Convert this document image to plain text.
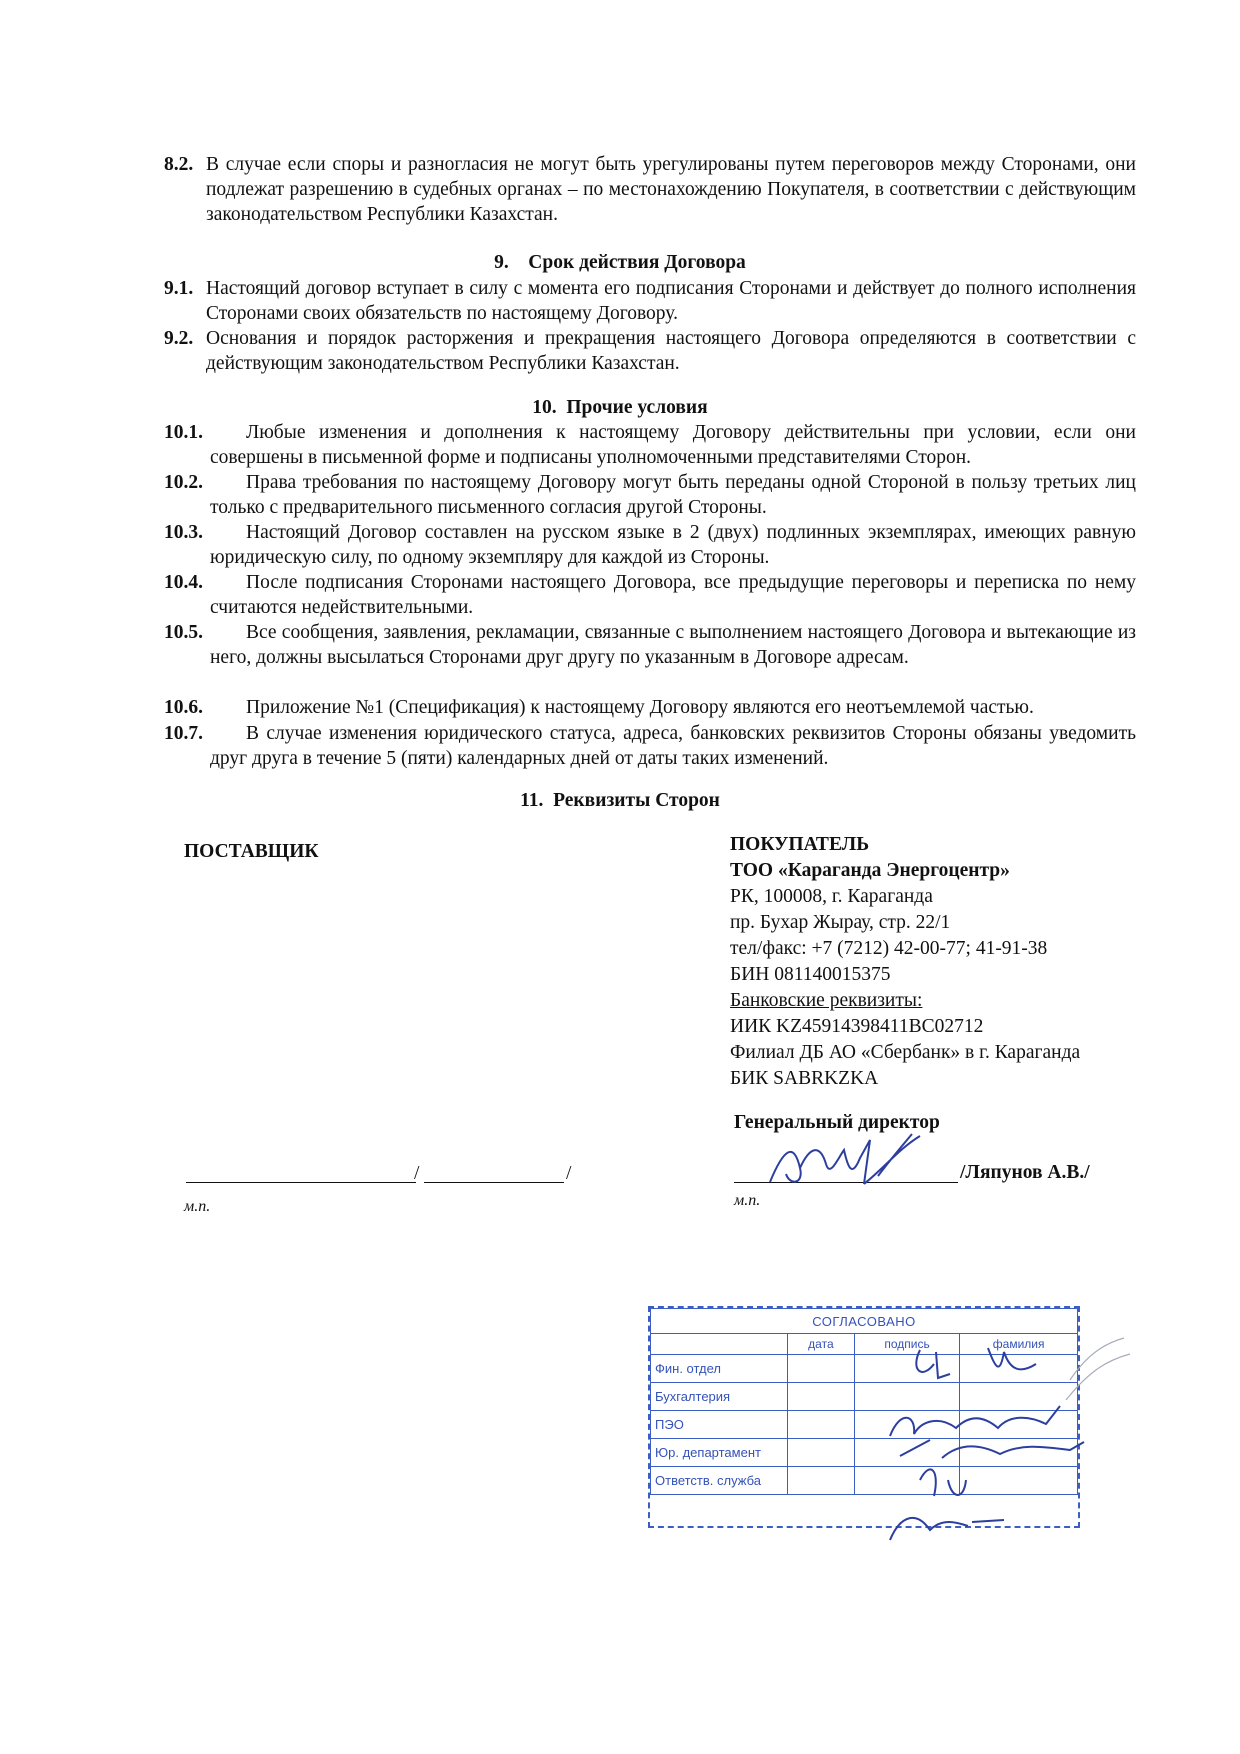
8.2. В случае если споры и разногласия не могут быть урегулированы путем переговоров между Сторонами, они подлежат разрешению в судебных органах – по местонахождению Покупателя, в соответствии с действующим законодательством Республики Казахстан.
9.    Срок действия Договора
9.1. Настоящий договор вступает в силу с момента его подписания Сторонами и действует до полного исполнения Сторонами своих обязательств по настоящему Договору.
9.2. Основания и порядок расторжения и прекращения настоящего Договора определяются в соответствии с действующим законодательством Республики Казахстан.
10.  Прочие условия
10.1.	Любые изменения и дополнения к настоящему Договору действительны при условии, если они совершены в письменной форме и подписаны уполномоченными представителями Сторон.
10.2.	Права требования по настоящему Договору могут быть переданы одной Стороной в пользу третьих лиц только с предварительного письменного согласия другой Стороны.
10.3.	Настоящий Договор составлен на русском языке в 2 (двух) подлинных экземплярах, имеющих равную юридическую силу, по одному экземпляру для каждой из Стороны.
10.4.	После подписания Сторонами настоящего Договора, все предыдущие переговоры и переписка по нему считаются недействительными.
10.5.	Все сообщения, заявления, рекламации, связанные с выполнением настоящего Договора и вытекающие из него, должны высылаться Сторонами друг другу по указанным в Договоре адресам.
10.6.	Приложение №1 (Спецификация) к настоящему Договору являются его неотъемлемой частью.
10.7.	В случае изменения юридического статуса, адреса, банковских реквизитов Стороны обязаны уведомить друг друга в течение 5 (пяти) календарных дней от даты таких изменений.
11.  Реквизиты Сторон
ПОСТАВЩИК
/	/
м.п.
ПОКУПАТЕЛЬ
ТОО «Караганда Энергоцентр»
РК, 100008, г. Караганда
пр. Бухар Жырау, стр. 22/1
тел/факс: +7 (7212) 42-00-77; 41-91-38
БИН 081140015375
Банковские реквизиты:
ИИК KZ45914398411BC02712
Филиал ДБ АО «Сбербанк» в г. Караганда
БИК SABRKZKA
Генеральный директор
/Ляпунов А.В./
м.п.
СОГЛАСОВАНО			
	дата	подпись	фамилия
Фин. отдел			
Бухгалтерия			
ПЭО			
Юр. департамент			
Ответств. служба			
